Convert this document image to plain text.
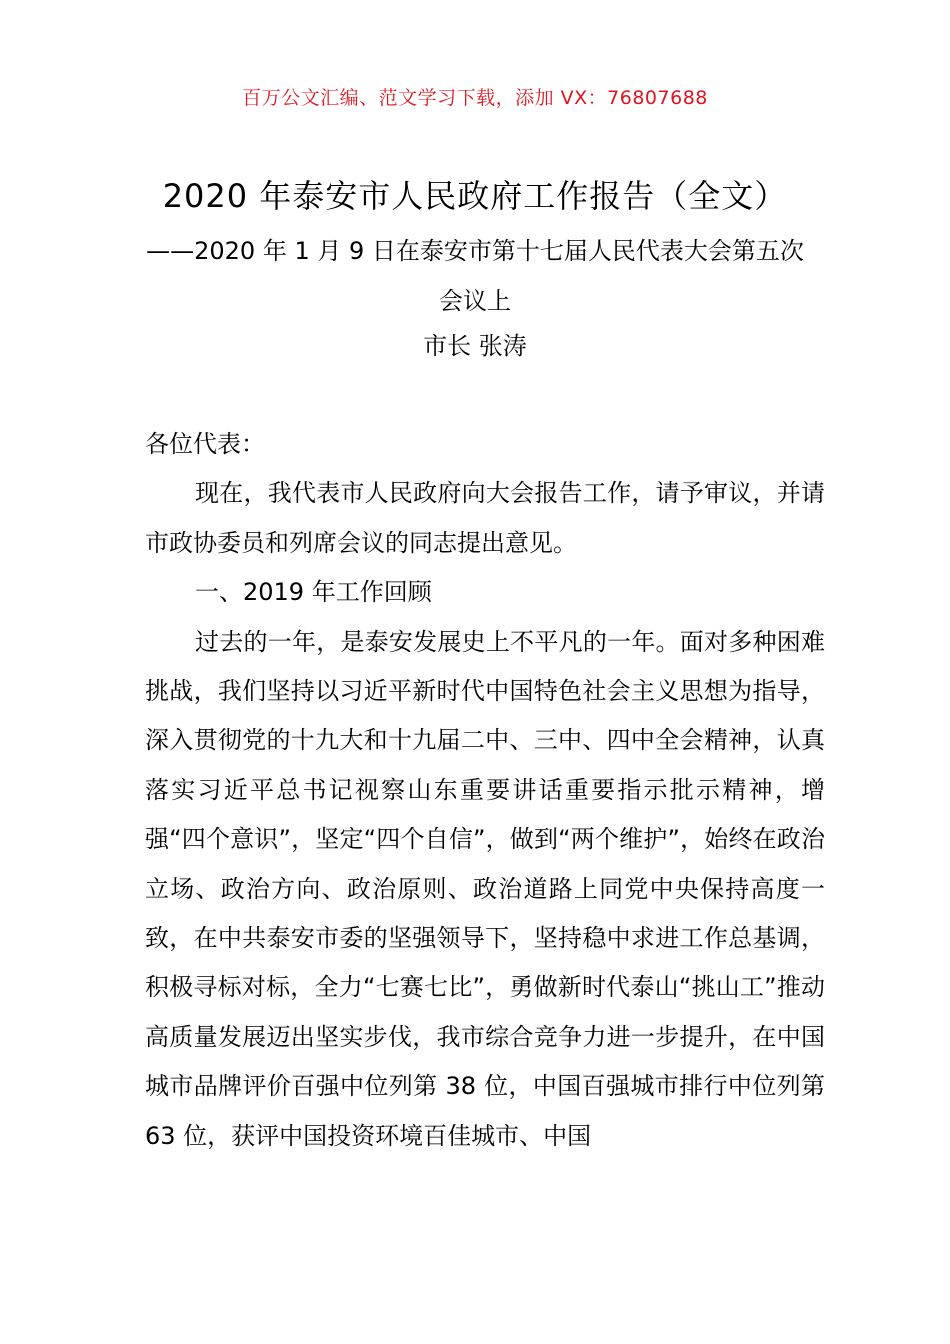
百万公文汇编、范文学习下载，添加 VX：76807688
2020 年泰安市人民政府工作报告（全文）
——2020 年 1 月 9 日在泰安市第十七届人民代表大会第五次会议上
市长 张涛

各位代表：

现在，我代表市人民政府向大会报告工作，请予审议，并请市政协委员和列席会议的同志提出意见。

一、2019 年工作回顾

过去的一年，是泰安发展史上不平凡的一年。面对多种困难挑战，我们坚持以习近平新时代中国特色社会主义思想为指导，深入贯彻党的十九大和十九届二中、三中、四中全会精神，认真落实习近平总书记视察山东重要讲话重要指示批示精神，增强“四个意识”，坚定“四个自信”，做到“两个维护”，始终在政治立场、政治方向、政治原则、政治道路上同党中央保持高度一致，在中共泰安市委的坚强领导下，坚持稳中求进工作总基调，积极寻标对标，全力“七赛七比”，勇做新时代泰山“挑山工”推动高质量发展迈出坚实步伐，我市综合竞争力进一步提升，在中国城市品牌评价百强中位列第 38 位，中国百强城市排行中位列第 63 位，获评中国投资环境百佳城市、中国
